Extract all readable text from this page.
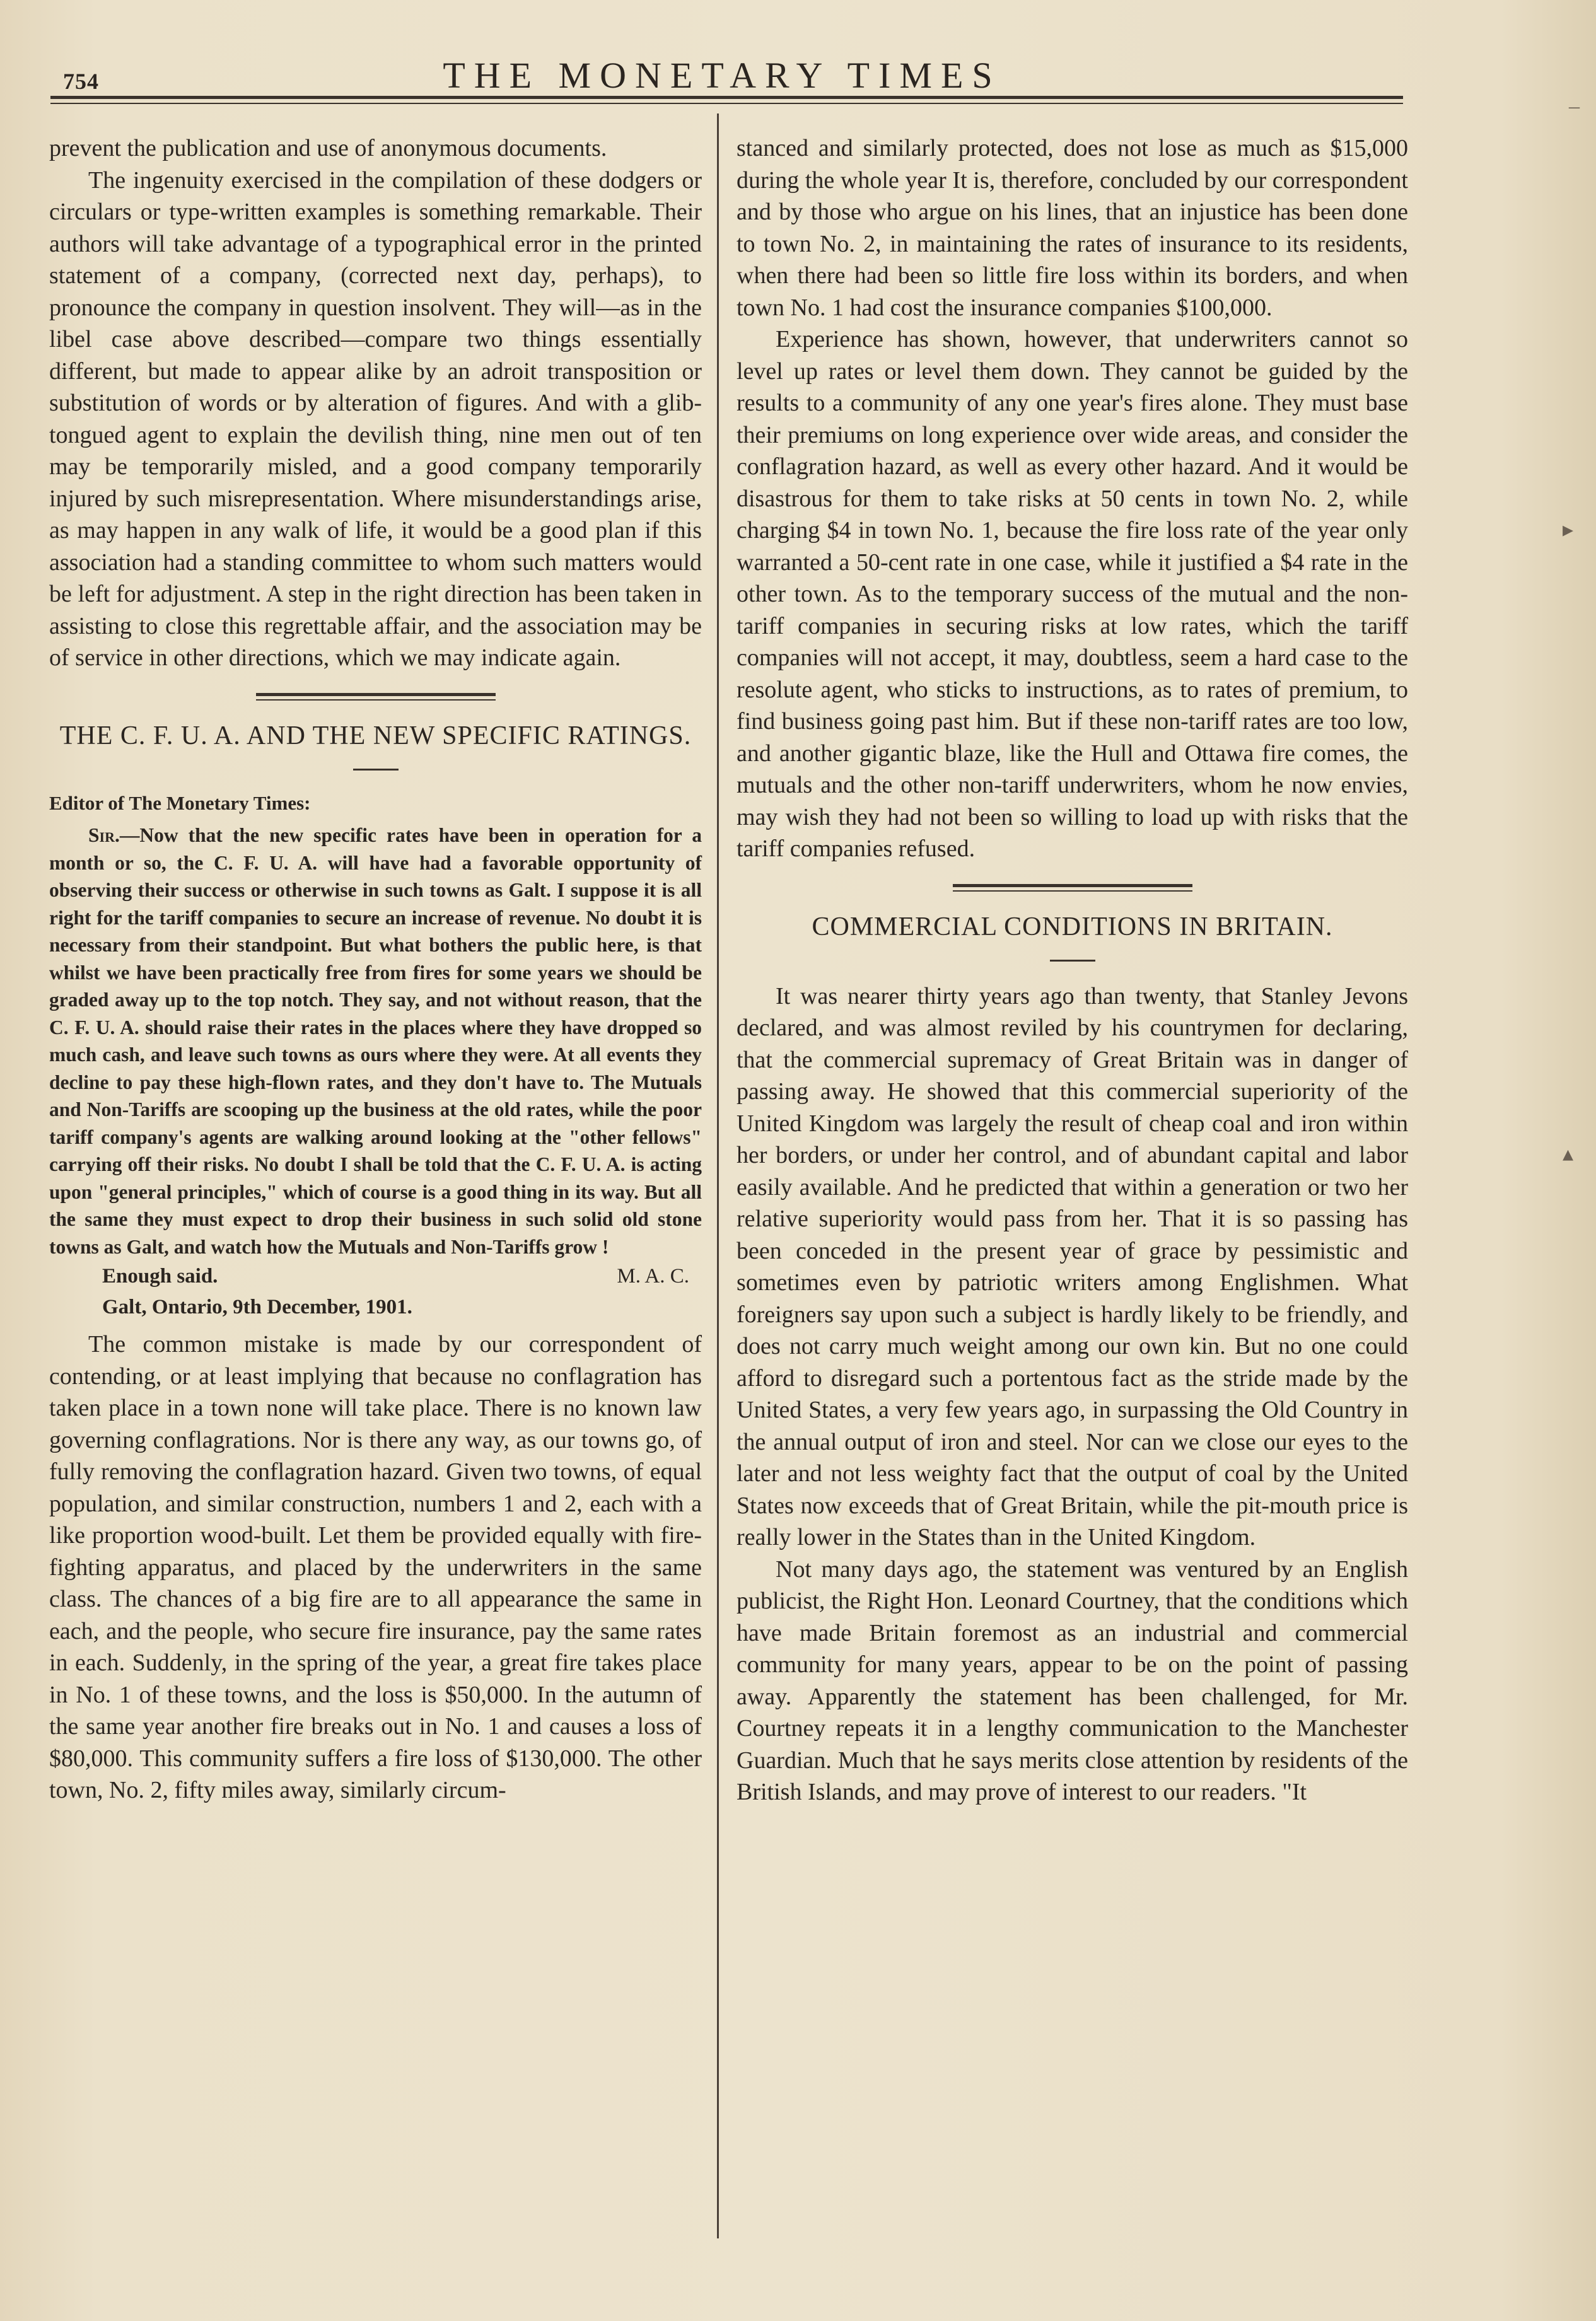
754	THE MONETARY TIMES

prevent the publication and use of anonymous documents.

The ingenuity exercised in the compilation of these dodgers or circulars or type-written examples is something remarkable. Their authors will take advantage of a typographical error in the printed statement of a company, (corrected next day, perhaps), to pronounce the company in question insolvent. They will—as in the libel case above described—compare two things essentially different, but made to appear alike by an adroit transposition or substitution of words or by alteration of figures. And with a glib-tongued agent to explain the devilish thing, nine men out of ten may be temporarily misled, and a good company temporarily injured by such misrepresentation. Where misunderstandings arise, as may happen in any walk of life, it would be a good plan if this association had a standing committee to whom such matters would be left for adjustment. A step in the right direction has been taken in assisting to close this regrettable affair, and the association may be of service in other directions, which we may indicate again.

THE C. F. U. A. AND THE NEW SPECIFIC RATINGS.
Editor of The Monetary Times:

Sir.—Now that the new specific rates have been in operation for a month or so, the C. F. U. A. will have had a favorable opportunity of observing their success or otherwise in such towns as Galt. I suppose it is all right for the tariff companies to secure an increase of revenue. No doubt it is necessary from their standpoint. But what bothers the public here, is that whilst we have been practically free from fires for some years we should be graded away up to the top notch. They say, and not without reason, that the C. F. U. A. should raise their rates in the places where they have dropped so much cash, and leave such towns as ours where they were. At all events they decline to pay these high-flown rates, and they don't have to. The Mutuals and Non-Tariffs are scooping up the business at the old rates, while the poor tariff company's agents are walking around looking at the "other fellows" carrying off their risks. No doubt I shall be told that the C. F. U. A. is acting upon "general principles," which of course is a good thing in its way. But all the same they must expect to drop their business in such solid old stone towns as Galt, and watch how the Mutuals and Non-Tariffs grow !

Enough said.	M. A. C.
Galt, Ontario, 9th December, 1901.

The common mistake is made by our correspondent of contending, or at least implying that because no conflagration has taken place in a town none will take place. There is no known law governing conflagrations. Nor is there any way, as our towns go, of fully removing the conflagration hazard. Given two towns, of equal population, and similar construction, numbers 1 and 2, each with a like proportion wood-built. Let them be provided equally with fire-fighting apparatus, and placed by the underwriters in the same class. The chances of a big fire are to all appearance the same in each, and the people, who secure fire insurance, pay the same rates in each. Suddenly, in the spring of the year, a great fire takes place in No. 1 of these towns, and the loss is $50,000. In the autumn of the same year another fire breaks out in No. 1 and causes a loss of $80,000. This community suffers a fire loss of $130,000. The other town, No. 2, fifty miles away, similarly circum-

stanced and similarly protected, does not lose as much as $15,000 during the whole year It is, therefore, concluded by our correspondent and by those who argue on his lines, that an injustice has been done to town No. 2, in maintaining the rates of insurance to its residents, when there had been so little fire loss within its borders, and when town No. 1 had cost the insurance companies $100,000.

Experience has shown, however, that underwriters cannot so level up rates or level them down. They cannot be guided by the results to a community of any one year's fires alone. They must base their premiums on long experience over wide areas, and consider the conflagration hazard, as well as every other hazard. And it would be disastrous for them to take risks at 50 cents in town No. 2, while charging $4 in town No. 1, because the fire loss rate of the year only warranted a 50-cent rate in one case, while it justified a $4 rate in the other town. As to the temporary success of the mutual and the non-tariff companies in securing risks at low rates, which the tariff companies will not accept, it may, doubtless, seem a hard case to the resolute agent, who sticks to instructions, as to rates of premium, to find business going past him. But if these non-tariff rates are too low, and another gigantic blaze, like the Hull and Ottawa fire comes, the mutuals and the other non-tariff underwriters, whom he now envies, may wish they had not been so willing to load up with risks that the tariff companies refused.

COMMERCIAL CONDITIONS IN BRITAIN.

It was nearer thirty years ago than twenty, that Stanley Jevons declared, and was almost reviled by his countrymen for declaring, that the commercial supremacy of Great Britain was in danger of passing away. He showed that this commercial superiority of the United Kingdom was largely the result of cheap coal and iron within her borders, or under her control, and of abundant capital and labor easily available. And he predicted that within a generation or two her relative superiority would pass from her. That it is so passing has been conceded in the present year of grace by pessimistic and sometimes even by patriotic writers among Englishmen. What foreigners say upon such a subject is hardly likely to be friendly, and does not carry much weight among our own kin. But no one could afford to disregard such a portentous fact as the stride made by the United States, a very few years ago, in surpassing the Old Country in the annual output of iron and steel. Nor can we close our eyes to the later and not less weighty fact that the output of coal by the United States now exceeds that of Great Britain, while the pit-mouth price is really lower in the States than in the United Kingdom.

Not many days ago, the statement was ventured by an English publicist, the Right Hon. Leonard Courtney, that the conditions which have made Britain foremost as an industrial and commercial community for many years, appear to be on the point of passing away. Apparently the statement has been challenged, for Mr. Courtney repeats it in a lengthy communication to the Manchester Guardian. Much that he says merits close attention by residents of the British Islands, and may prove of interest to our readers. "It

–
▸
▴
